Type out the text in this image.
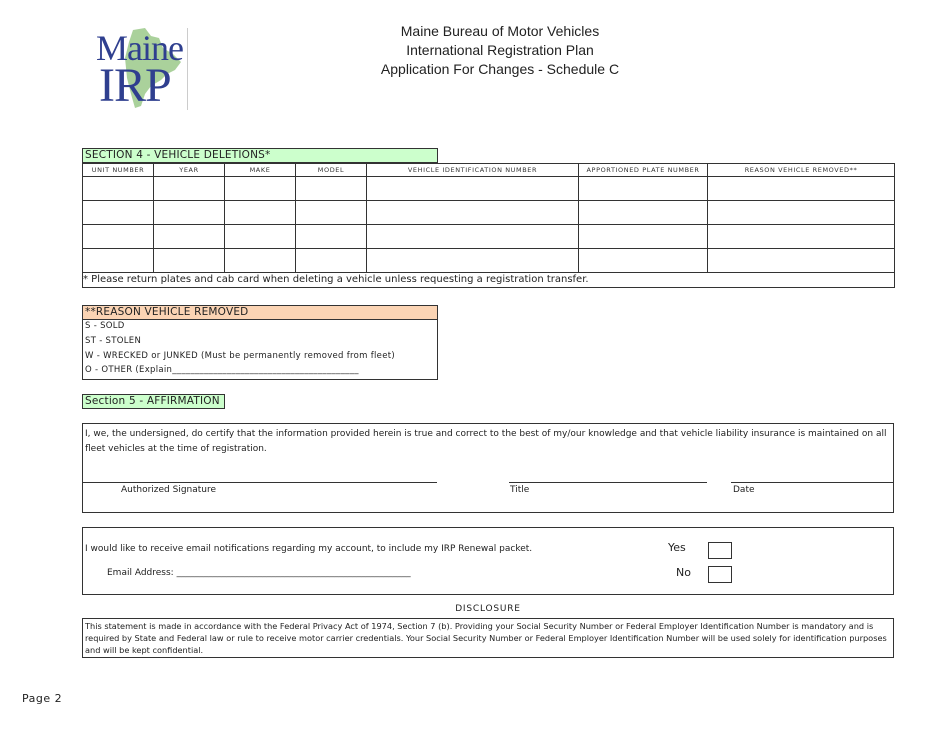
Maine
IRP
Maine Bureau of Motor Vehicles
International Registration Plan
Application For Changes - Schedule C
SECTION 4 - VEHICLE DELETIONS*
UNIT NUMBER	YEAR	MAKE	MODEL	VEHICLE IDENTIFICATION NUMBER	APPORTIONED PLATE NUMBER	REASON VEHICLE REMOVED**

* Please return plates and cab card when deleting a vehicle unless requesting a registration transfer.						
**REASON VEHICLE REMOVED
S - SOLD
ST - STOLEN
W - WRECKED or JUNKED (Must be permanently removed from fleet)
O - OTHER (Explain_________________________________________
Section 5 - AFFIRMATION
I, we, the undersigned, do certify that the information provided herein is true and correct to the best of my/our knowledge and that vehicle liability insurance is maintained on all fleet vehicles at the time of registration.
Authorized Signature	Title	Date
I would like to receive email notifications regarding my account, to include my IRP Renewal packet.
Email Address: ____________________________________________________
Yes
No
DISCLOSURE
This statement is made in accordance with the Federal Privacy Act of 1974, Section 7 (b). Providing your Social Security Number or Federal Employer Identification Number is mandatory and is required by State and Federal law or rule to receive motor carrier credentials. Your Social Security Number or Federal Employer Identification Number will be used solely for identification purposes and will be kept confidential.
Page 2
